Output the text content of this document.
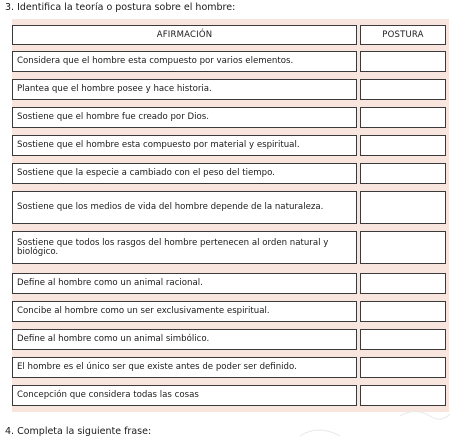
3. Identifica la teoría o postura sobre el hombre:
AFIRMACIÓN	POSTURA
Considera que el hombre esta compuesto por varios elementos.
Plantea que el hombre posee y hace historia.
Sostiene que el hombre fue creado por Dios.
Sostiene que el hombre esta compuesto por material y espiritual.
Sostiene que la especie a cambiado con el peso del tiempo.
Sostiene que los medios de vida del hombre depende de la naturaleza.
Sostiene que todos los rasgos del hombre pertenecen al orden natural y biológico.
Define al hombre como un animal racional.
Concibe al hombre como un ser exclusivamente espiritual.
Define al hombre como un animal simbólico.
El hombre es el único ser que existe antes de poder ser definido.
Concepción que considera todas las cosas
4. Completa la siguiente frase:
